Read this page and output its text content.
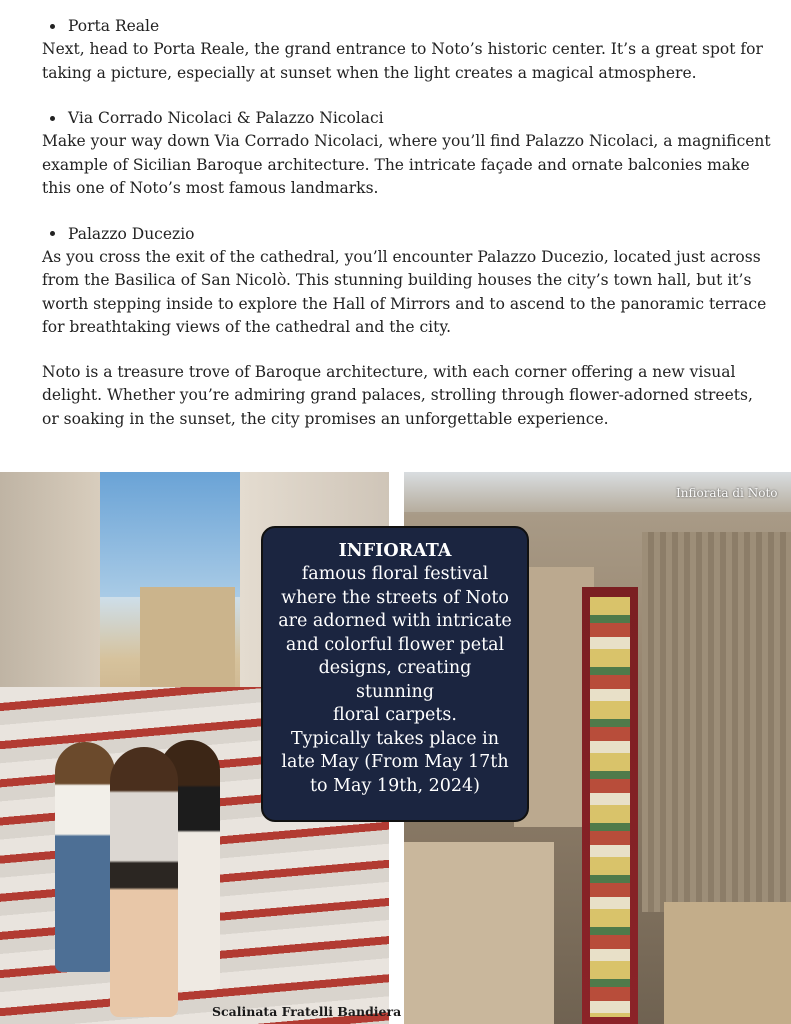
Porta Reale

Next, head to Porta Reale, the grand entrance to Noto’s historic center. It’s a great spot for taking a picture, especially at sunset when the light creates a magical atmosphere.

Via Corrado Nicolaci & Palazzo Nicolaci

Make your way down Via Corrado Nicolaci, where you’ll find Palazzo Nicolaci, a magnificent example of Sicilian Baroque architecture. The intricate façade and ornate balconies make this one of Noto’s most famous landmarks.

Palazzo Ducezio

As you cross the exit of the cathedral, you’ll encounter Palazzo Ducezio, located just across from the Basilica of San Nicolò. This stunning building houses the city’s town hall, but it’s worth stepping inside to explore the Hall of Mirrors and to ascend to the panoramic terrace for breathtaking views of the cathedral and the city.

Noto is a treasure trove of Baroque architecture, with each corner offering a new visual delight. Whether you’re admiring grand palaces, strolling through flower-adorned streets, or soaking in the sunset, the city promises an unforgettable experience.

Scalinata Fratelli Bandiera
Infiorata di Noto
INFIORATA
famous floral festival
where the streets of Noto
are adorned with intricate
and colorful flower petal
designs, creating stunning
floral carpets.
Typically takes place in
late May (From May 17th
to May 19th, 2024)
